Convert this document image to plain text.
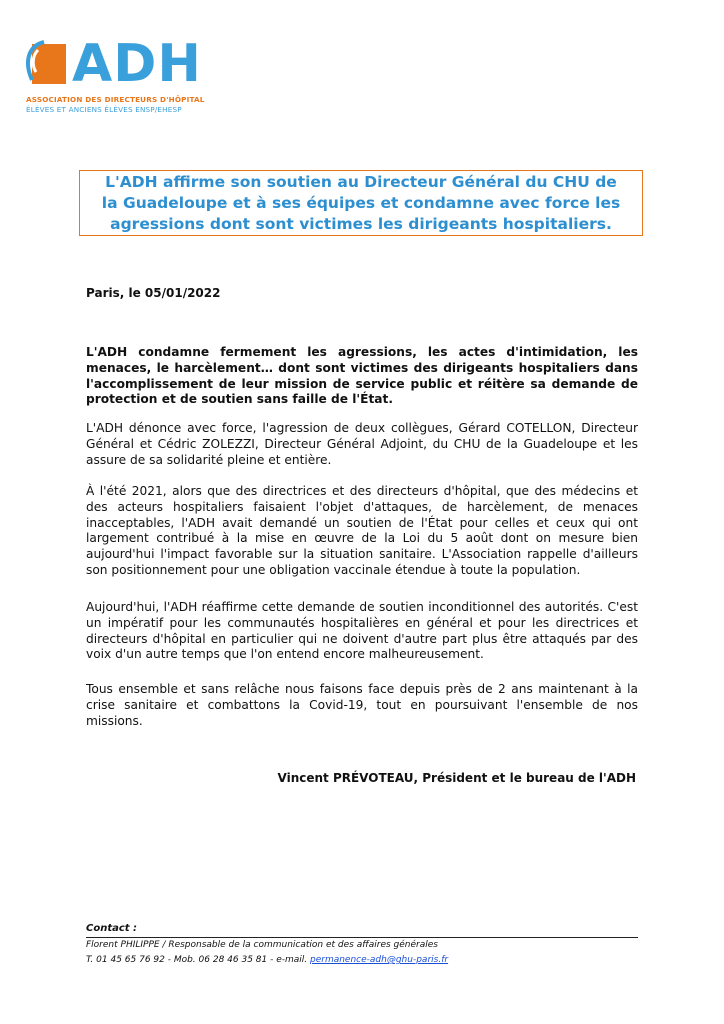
ADH
ASSOCIATION DES DIRECTEURS D'HÔPITAL
ÉLÈVES ET ANCIENS ÉLÈVES ENSP/EHESP
L'ADH affirme son soutien au Directeur Général du CHU de la Guadeloupe et à ses équipes et condamne avec force les agressions dont sont victimes les dirigeants hospitaliers.
Paris, le 05/01/2022

L'ADH condamne fermement les agressions, les actes d'intimidation, les menaces, le harcèlement… dont sont victimes des dirigeants hospitaliers dans l'accomplissement de leur mission de service public et réitère sa demande de protection et de soutien sans faille de l'État.

L'ADH dénonce avec force, l'agression de deux collègues, Gérard COTELLON, Directeur Général et Cédric ZOLEZZI, Directeur Général Adjoint, du CHU de la Guadeloupe et les assure de sa solidarité pleine et entière.

À l'été 2021, alors que des directrices et des directeurs d'hôpital, que des médecins et des acteurs hospitaliers faisaient l'objet d'attaques, de harcèlement, de menaces inacceptables, l'ADH avait demandé un soutien de l'État pour celles et ceux qui ont largement contribué à la mise en œuvre de la Loi du 5 août dont on mesure bien aujourd'hui l'impact favorable sur la situation sanitaire. L'Association rappelle d'ailleurs son positionnement pour une obligation vaccinale étendue à toute la population.

Aujourd'hui, l'ADH réaffirme cette demande de soutien inconditionnel des autorités. C'est un impératif pour les communautés hospitalières en général et pour les directrices et directeurs d'hôpital en particulier qui ne doivent d'autre part plus être attaqués par des voix d'un autre temps que l'on entend encore malheureusement.

Tous ensemble et sans relâche nous faisons face depuis près de 2 ans maintenant à la crise sanitaire et combattons la Covid-19, tout en poursuivant l'ensemble de nos missions.

Vincent PRÉVOTEAU, Président et le bureau de l'ADH
Contact :
Florent PHILIPPE / Responsable de la communication et des affaires générales
T. 01 45 65 76 92 - Mob. 06 28 46 35 81 - e-mail. permanence-adh@ghu-paris.fr
